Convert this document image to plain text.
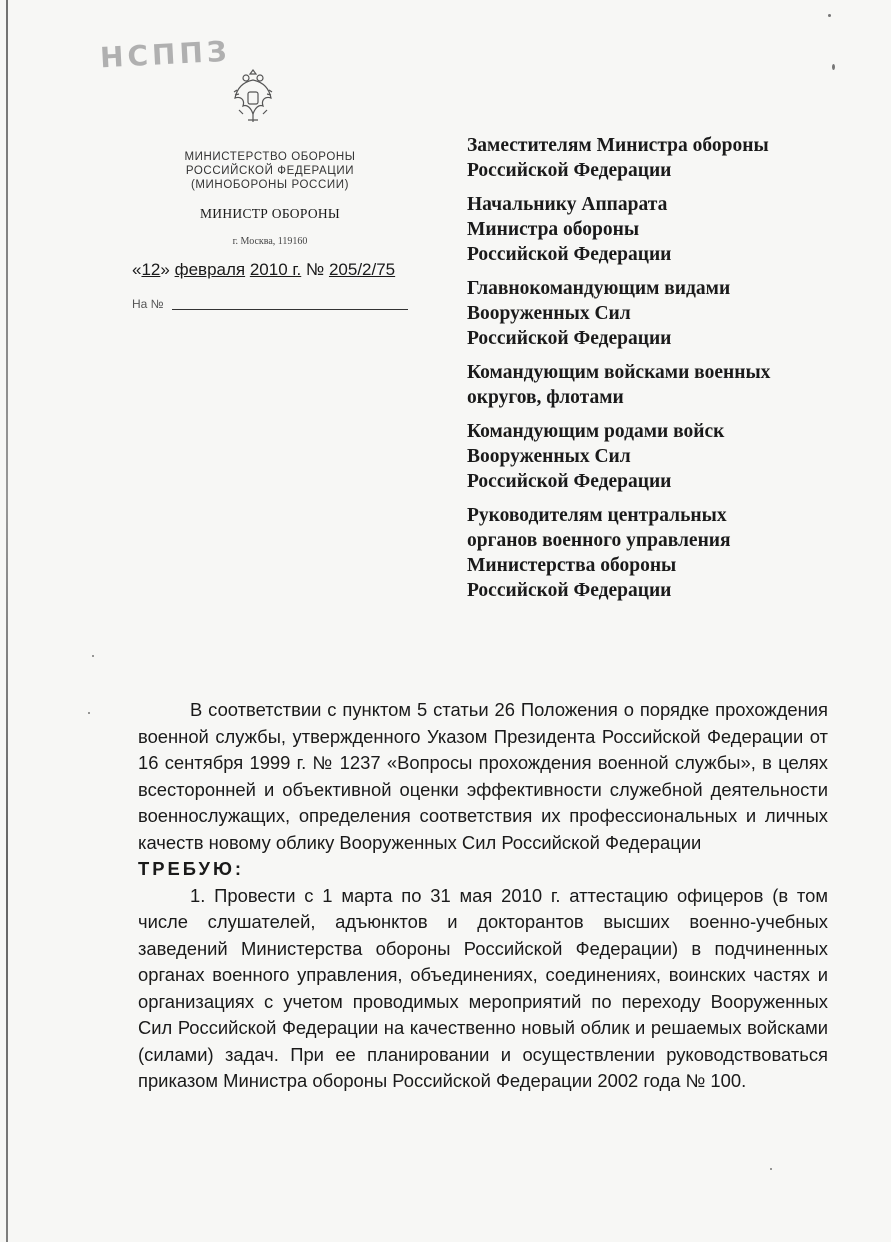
НСППЗ
МИНИСТЕРСТВО ОБОРОНЫ
РОССИЙСКОЙ ФЕДЕРАЦИИ
(МИНОБОРОНЫ РОССИИ)
МИНИСТР ОБОРОНЫ
г. Москва, 119160
«12» февраля 2010 г. № 205/2/75
На №
Заместителям Министра обороны
Российской Федерации
Начальнику Аппарата
Министра обороны
Российской Федерации
Главнокомандующим видами
Вооруженных Сил
Российской Федерации
Командующим войсками военных
округов, флотами
Командующим родами войск
Вооруженных Сил
Российской Федерации
Руководителям центральных
органов военного управления
Министерства обороны
Российской Федерации

В соответствии с пунктом 5 статьи 26 Положения о порядке прохождения военной службы, утвержденного Указом Президента Российской Федерации от 16 сентября 1999 г. № 1237 «Вопросы прохождения военной службы», в целях всесторонней и объективной оценки эффективности служебной деятельности военнослужащих, определения соответствия их профессиональных и личных качеств новому облику Вооруженных Сил Российской Федерации

ТРЕБУЮ:

1. Провести с 1 марта по 31 мая 2010 г. аттестацию офицеров (в том числе слушателей, адъюнктов и докторантов высших военно-учебных заведений Министерства обороны Российской Федерации) в подчиненных органах военного управления, объединениях, соединениях, воинских частях и организациях с учетом проводимых мероприятий по переходу Вооруженных Сил Российской Федерации на качественно новый облик и решаемых войсками (силами) задач. При ее планировании и осуществлении руководствоваться приказом Министра обороны Российской Федерации 2002 года № 100.
